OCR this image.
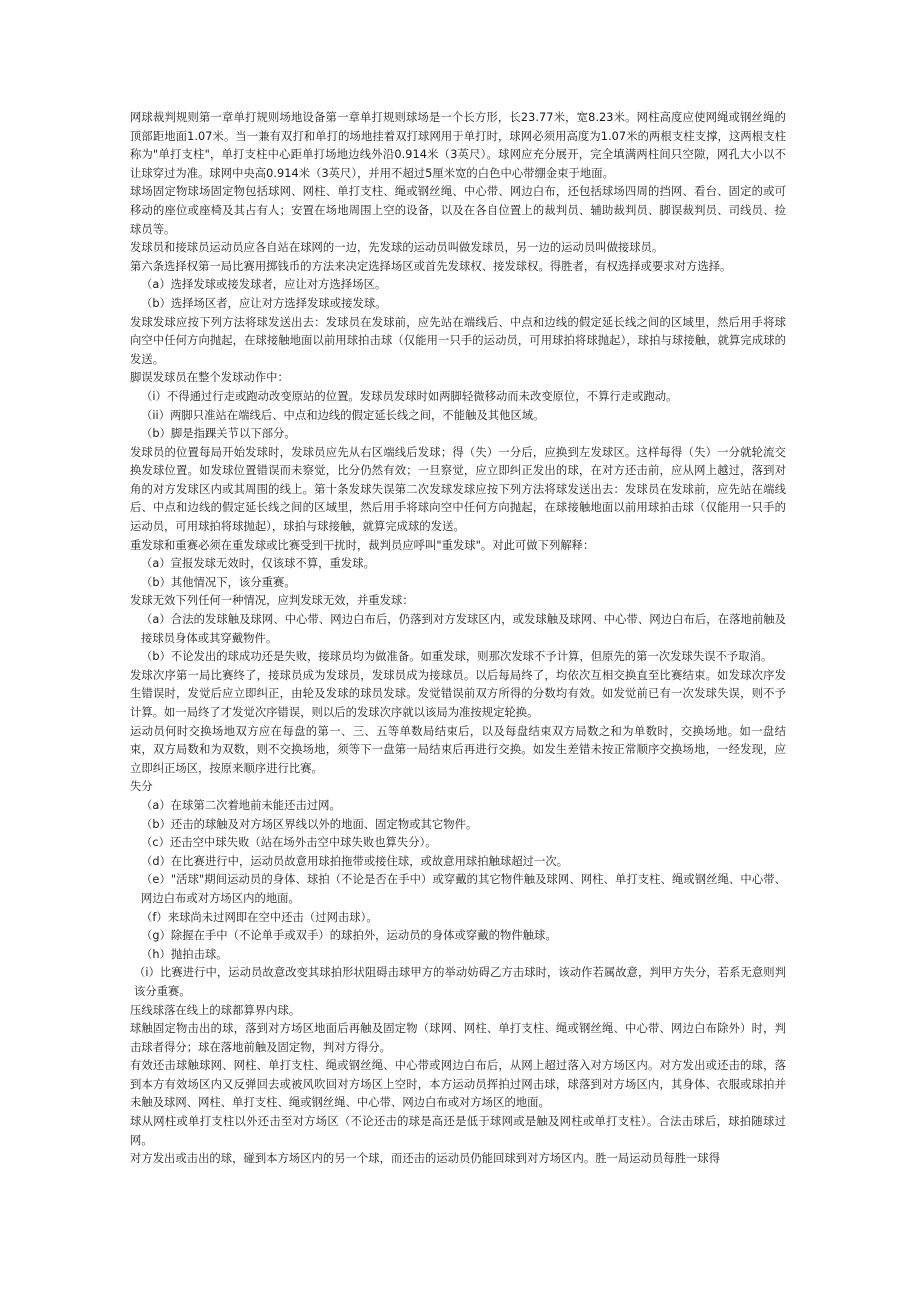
网球裁判规则第一章单打规则场地设备第一章单打规则球场是一个长方形，长23.77米，宽8.23米。网柱高度应使网绳或钢丝绳的顶部距地面1.07米。当一兼有双打和单打的场地挂着双打球网用于单打时，球网必须用高度为1.07米的两根支柱支撑，这两根支柱称为"单打支柱"，单打支柱中心距单打场地边线外沿0.914米（3英尺）。球网应充分展开，完全填满两柱间只空隙，网孔大小以不让球穿过为准。球网中央高0.914米（3英尺），并用不超过5厘米宽的白色中心带绷金束于地面。

球场固定物球场固定物包括球网、网柱、单打支柱、绳或钢丝绳、中心带、网边白布，还包括球场四周的挡网、看台、固定的或可移动的座位或座椅及其占有人；安置在场地周围上空的设备，以及在各自位置上的裁判员、辅助裁判员、脚误裁判员、司线员、捡球员等。

发球员和接球员运动员应各自站在球网的一边，先发球的运动员叫做发球员，另一边的运动员叫做接球员。

第六条选择权第一局比赛用掷钱币的方法来决定选择场区或首先发球权、接发球权。得胜者，有权选择或要求对方选择。

（a）选择发球或接发球者，应让对方选择场区。

（b）选择场区者，应让对方选择发球或接发球。

发球发球应按下列方法将球发送出去：发球员在发球前，应先站在端线后、中点和边线的假定延长线之间的区域里，然后用手将球向空中任何方向抛起，在球接触地面以前用球拍击球（仅能用一只手的运动员，可用球拍将球抛起），球拍与球接触，就算完成球的发送。

脚误发球员在整个发球动作中：

（i）不得通过行走或跑动改变原站的位置。发球员发球时如两脚轻微移动而未改变原位，不算行走或跑动。

（ii）两脚只准站在端线后、中点和边线的假定延长线之间，不能触及其他区域。

（b）脚是指踝关节以下部分。

发球员的位置每局开始发球时，发球员应先从右区端线后发球；得（失）一分后，应换到左发球区。这样每得（失）一分就轮流交换发球位置。如发球位置错误而未察觉，比分仍然有效；一旦察觉，应立即纠正发出的球，在对方还击前，应从网上越过，落到对角的对方发球区内或其周围的线上。第十条发球失误第二次发球发球应按下列方法将球发送出去：发球员在发球前，应先站在端线后、中点和边线的假定延长线之间的区域里，然后用手将球向空中任何方向抛起，在球接触地面以前用球拍击球（仅能用一只手的运动员，可用球拍将球抛起），球拍与球接触，就算完成球的发送。

重发球和重赛必须在重发球或比赛受到干扰时，裁判员应呼叫"重发球"。对此可做下列解释：

（a）宣报发球无效时，仅该球不算，重发球。

（b）其他情况下，该分重赛。

发球无效下列任何一种情况，应判发球无效，并重发球：

（a）合法的发球触及球网、中心带、网边白布后，仍落到对方发球区内，或发球触及球网、中心带、网边白布后，在落地前触及接球员身体或其穿戴物件。

（b）不论发出的球成功还是失败，接球员均为做准备。如重发球，则那次发球不予计算，但原先的第一次发球失误不予取消。

发球次序第一局比赛终了，接球员成为发球员，发球员成为接球员。以后每局终了，均依次互相交换直至比赛结束。如发球次序发生错误时，发觉后应立即纠正，由轮及发球的球员发球。发觉错误前双方所得的分数均有效。如发觉前已有一次发球失误，则不予计算。如一局终了才发觉次序错误，则以后的发球次序就以该局为准按规定轮换。

运动员何时交换场地双方应在每盘的第一、三、五等单数局结束后，以及每盘结束双方局数之和为单数时，交换场地。如一盘结束，双方局数和为双数，则不交换场地，须等下一盘第一局结束后再进行交换。如发生差错未按正常顺序交换场地，一经发现，应立即纠正场区，按原来顺序进行比赛。

失分

（a）在球第二次着地前未能还击过网。

（b）还击的球触及对方场区界线以外的地面、固定物或其它物件。

（c）还击空中球失败（站在场外击空中球失败也算失分）。

（d）在比赛进行中，运动员故意用球拍拖带或接住球，或故意用球拍触球超过一次。

（e）"活球"期间运动员的身体、球拍（不论是否在手中）或穿戴的其它物件触及球网、网柱、单打支柱、绳或钢丝绳、中心带、网边白布或对方场区内的地面。

（f）来球尚未过网即在空中还击（过网击球）。

（g）除握在手中（不论单手或双手）的球拍外，运动员的身体或穿戴的物件触球。

（h）抛拍击球。

（i）比赛进行中，运动员故意改变其球拍形状阻碍击球甲方的举动妨碍乙方击球时，该动作若属故意，判甲方失分，若系无意则判该分重赛。

压线球落在线上的球都算界内球。

球触固定物击出的球，落到对方场区地面后再触及固定物（球网、网柱、单打支柱、绳或钢丝绳、中心带、网边白布除外）时，判击球者得分；球在落地前触及固定物，判对方得分。

有效还击球触球网、网柱、单打支柱、绳或钢丝绳、中心带或网边白布后，从网上超过落入对方场区内。对方发出或还击的球，落到本方有效场区内又反弹回去或被风吹回对方场区上空时，本方运动员挥拍过网击球，球落到对方场区内，其身体、衣服或球拍并未触及球网、网柱、单打支柱、绳或钢丝绳、中心带、网边白布或对方场区的地面。

球从网柱或单打支柱以外还击至对方场区（不论还击的球是高还是低于球网或是触及网柱或单打支柱）。合法击球后，球拍随球过网。

对方发出或击出的球，碰到本方场区内的另一个球，而还击的运动员仍能回球到对方场区内。胜一局运动员每胜一球得
